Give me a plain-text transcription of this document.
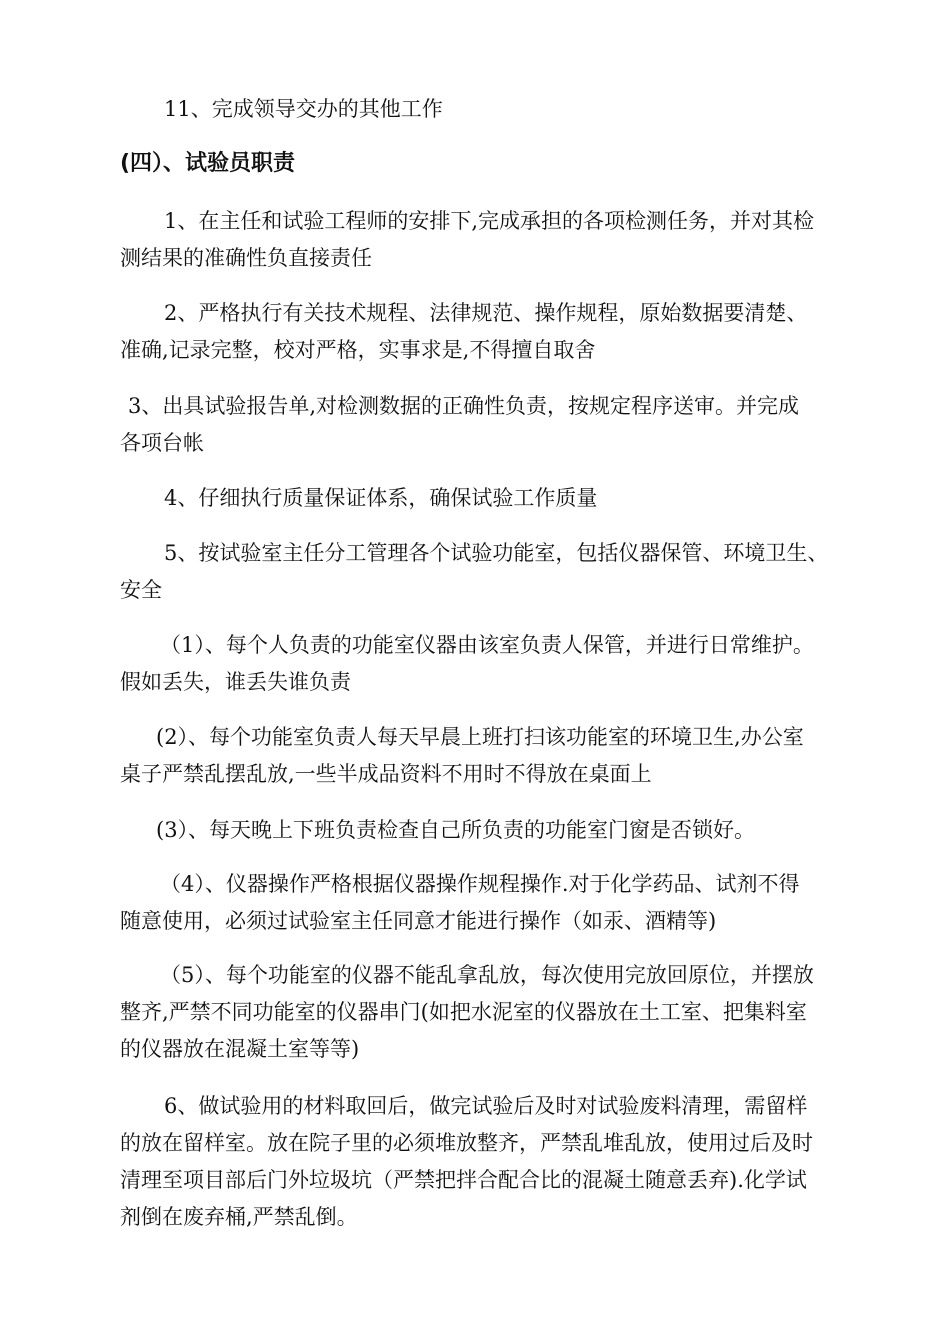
11、完成领导交办的其他工作

(四）、试验员职责

1、在主任和试验工程师的安排下,完成承担的各项检测任务，并对其检
测结果的准确性负直接责任

2、严格执行有关技术规程、法律规范、操作规程，原始数据要清楚、
准确,记录完整，校对严格，实事求是,不得擅自取舍

3、出具试验报告单,对检测数据的正确性负责，按规定程序送审。并完成
各项台帐

4、仔细执行质量保证体系，确保试验工作质量

5、按试验室主任分工管理各个试验功能室，包括仪器保管、环境卫生、
安全

（1）、每个人负责的功能室仪器由该室负责人保管，并进行日常维护。
假如丢失，谁丢失谁负责

(2）、每个功能室负责人每天早晨上班打扫该功能室的环境卫生,办公室
桌子严禁乱摆乱放,一些半成品资料不用时不得放在桌面上

(3）、每天晚上下班负责检查自己所负责的功能室门窗是否锁好。

（4）、仪器操作严格根据仪器操作规程操作.对于化学药品、试剂不得
随意使用，必须过试验室主任同意才能进行操作（如汞、酒精等)

（5）、每个功能室的仪器不能乱拿乱放，每次使用完放回原位，并摆放
整齐,严禁不同功能室的仪器串门(如把水泥室的仪器放在土工室、把集料室
的仪器放在混凝土室等等)

6、做试验用的材料取回后，做完试验后及时对试验废料清理，需留样
的放在留样室。放在院子里的必须堆放整齐，严禁乱堆乱放，使用过后及时
清理至项目部后门外垃圾坑（严禁把拌合配合比的混凝土随意丢弃).化学试
剂倒在废弃桶,严禁乱倒。
